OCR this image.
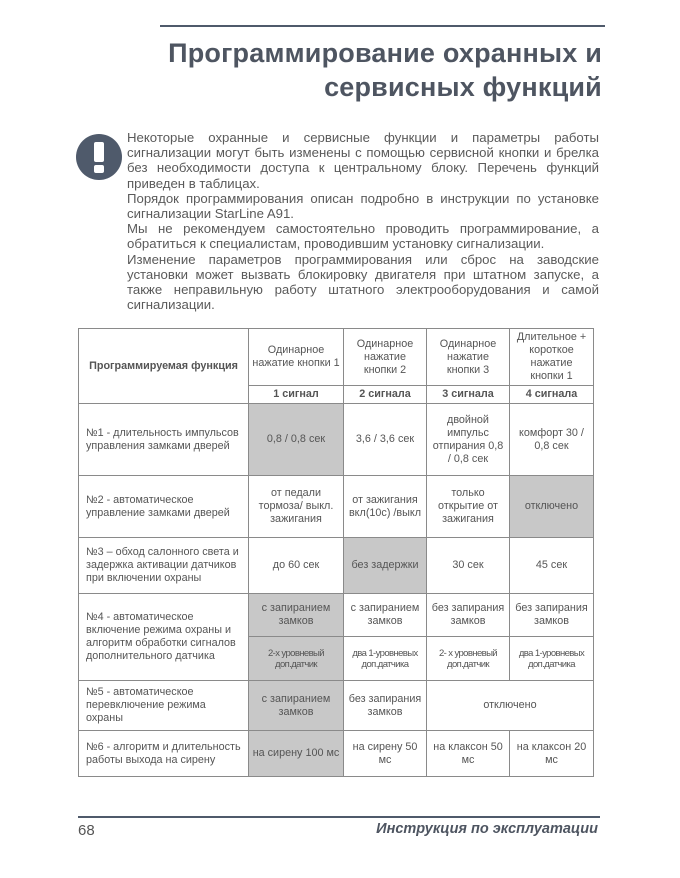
Программирование охранных и
сервисных функций

Некоторые охранные и сервисные функции и параметры работы сигнализации могут быть изменены с помощью сервисной кнопки и брелка без необходимости доступа к центральному блоку. Перечень функций приведен в таблицах.

Порядок программирования описан подробно в инструкции по установке сигнализации StarLine A91.

Мы не рекомендуем самостоятельно проводить программирование, а обратиться к специалистам, проводившим установку сигнализации.

Изменение параметров программирования или сброс на заводские установки может вызвать блокировку двигателя при штатном запуске, а также неправильную работу штатного электрооборудования и самой сигнализации.

Программируемая функция	Одинарное нажатие кнопки 1	Одинарное нажатие кнопки 2	Одинарное нажатие кнопки 3	Длительное + короткое нажатие кнопки 1
	1 сигнал	2 сигнала	3 сигнала	4 сигнала
№1 - длительность импульсов управления замками дверей	0,8 / 0,8 сек	3,6 / 3,6 сек	двойной импульс отпирания 0,8 / 0,8 сек	комфорт 30 / 0,8 сек
№2 - автоматическое управление замками дверей	от педали тормоза/ выкл. зажигания	от зажигания вкл(10с) /выкл	только открытие от зажигания	отключено
№3 – обход салонного света и задержка активации датчиков при включении охраны	до 60 сек	без задержки	30 сек	45 сек
№4 - автоматическое включение режима охраны и алгоритм обработки сигналов дополнительного датчика	с запиранием замков	с запиранием замков	без запирания замков	без запирания замков
	2-х уровневый доп.датчик	два 1-уровневых доп.датчика	2- х уровневый доп.датчик	два 1-уровневых доп.датчика
№5 - автоматическое перевключение режима охраны	с запиранием замков	без запирания замков	отключено	
№6 - алгоритм и длительность работы выхода на сирену	на сирену 100 мс	на сирену 50 мс	на клаксон 50 мс	на клаксон 20 мс
68	Инструкция по эксплуатации
